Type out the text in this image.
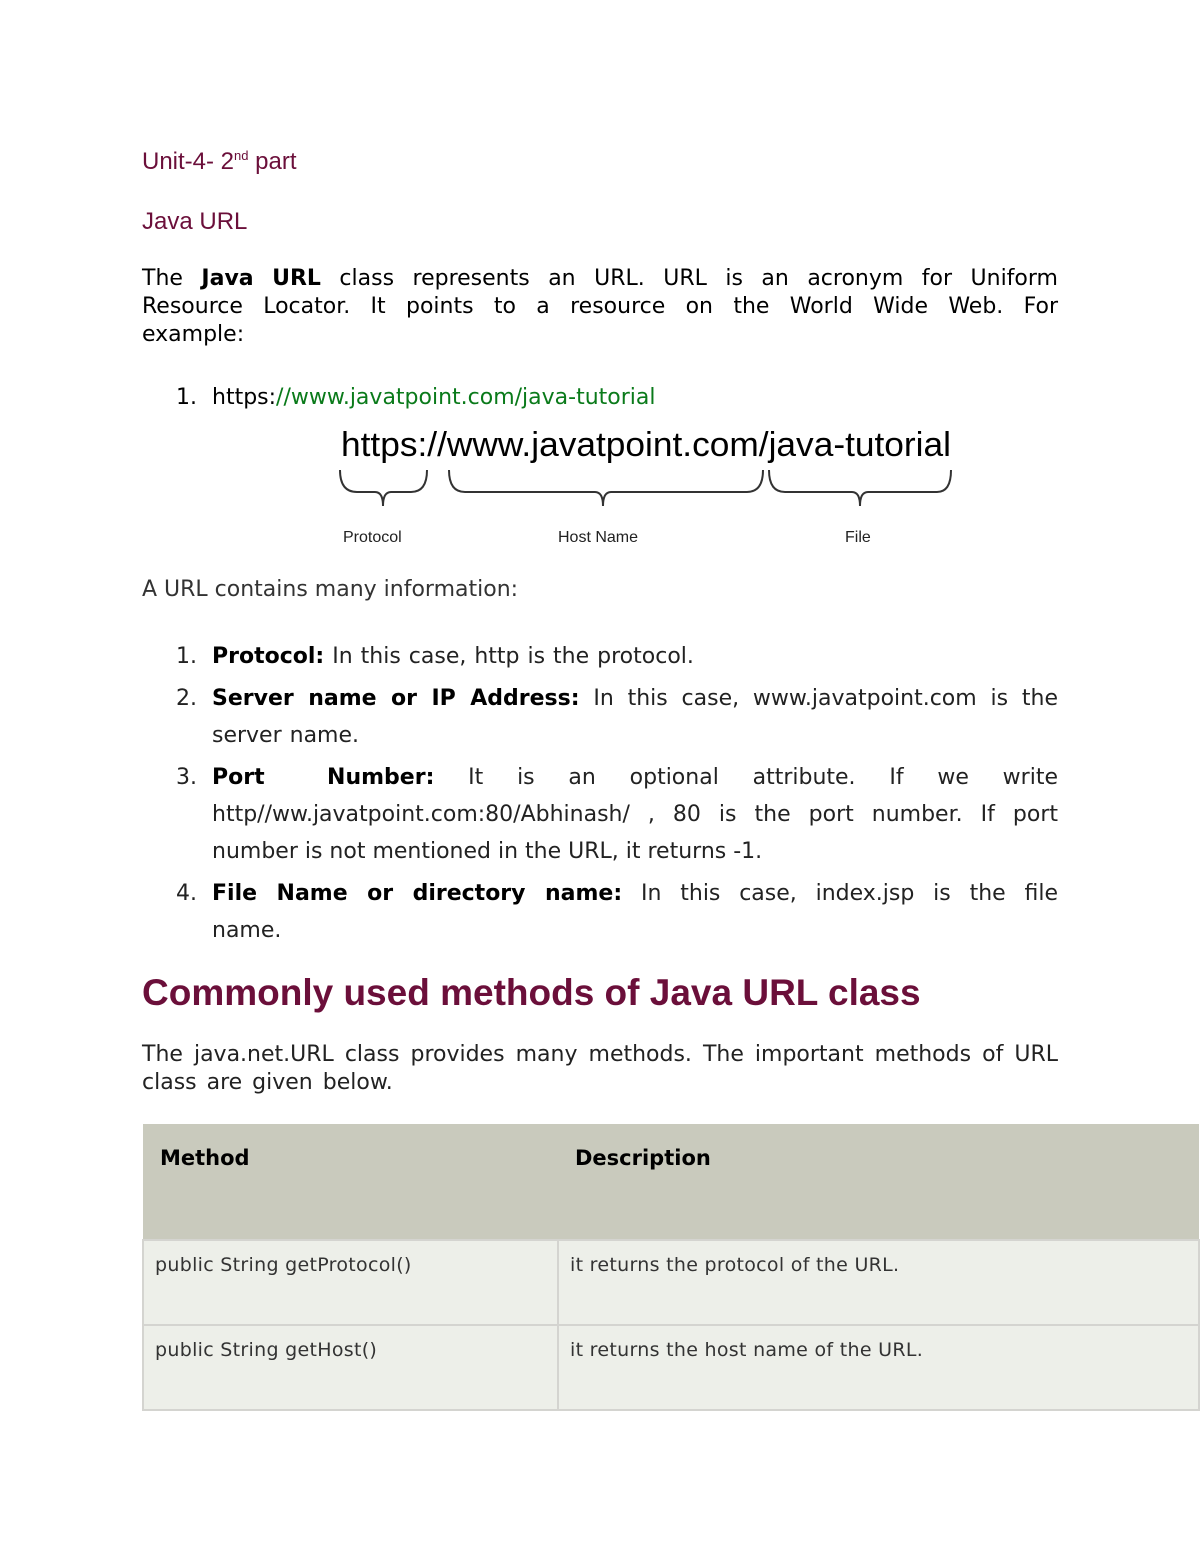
Unit-4- 2nd part
Java URL
The Java URL class represents an URL. URL is an acronym for Uniform Resource Locator. It points to a resource on the World Wide Web. For example:
1. https://www.javatpoint.com/java-tutorial
https://www.javatpoint.com/java-tutorial
Protocol	Host Name	File
A URL contains many information:
1. Protocol: In this case, http is the protocol.
2. Server name or IP Address: In this case, www.javatpoint.com is the server name.
3. Port Number: It is an optional attribute. If we write http//ww.javatpoint.com:80/Abhinash/ , 80 is the port number. If port number is not mentioned in the URL, it returns -1.
4. File Name or directory name: In this case, index.jsp is the file name.
Commonly used methods of Java URL class
The java.net.URL class provides many methods. The important methods of URL class are given below.
Method	Description
public String getProtocol()	it returns the protocol of the URL.
public String getHost()	it returns the host name of the URL.
